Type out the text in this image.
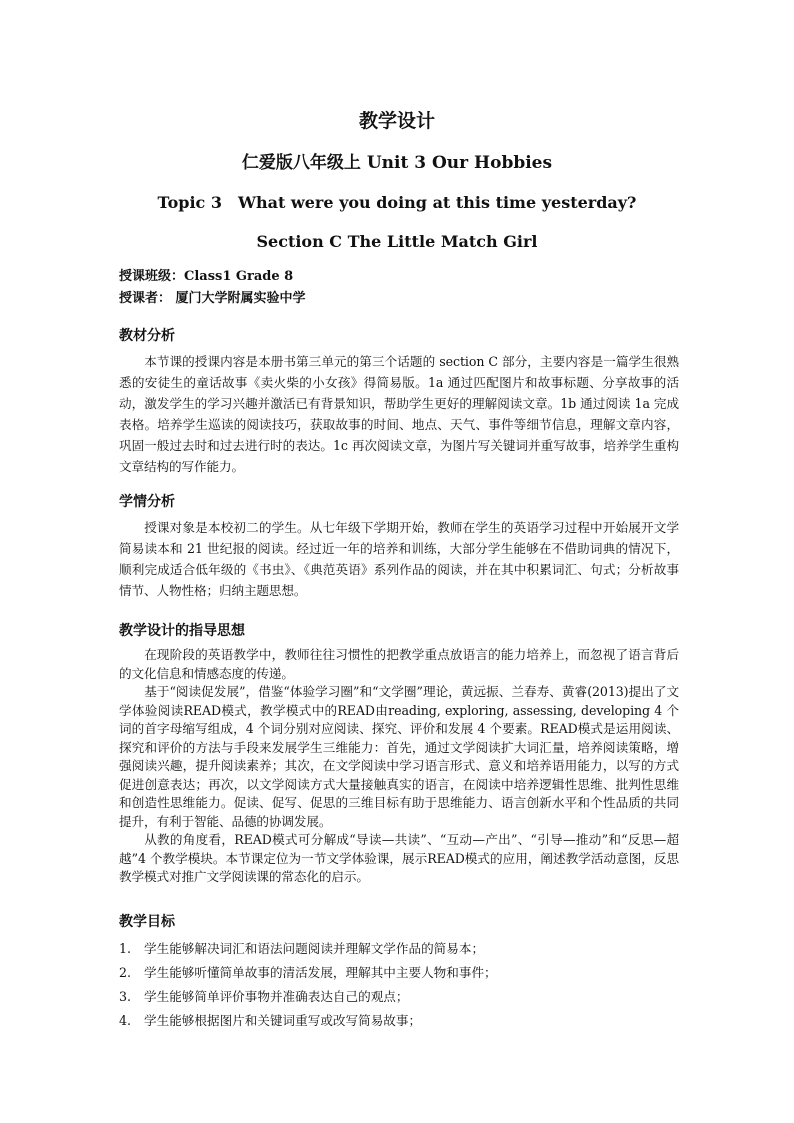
教学设计
仁爱版八年级上 Unit 3 Our Hobbies
Topic 3　What were you doing at this time yesterday?
Section C The Little Match Girl
授课班级：Class1 Grade 8
授课者： 厦门大学附属实验中学
教材分析

本节课的授课内容是本册书第三单元的第三个话题的 section C 部分，主要内容是一篇学生很熟悉的安徒生的童话故事《卖火柴的小女孩》得简易版。1a 通过匹配图片和故事标题、分享故事的活动，激发学生的学习兴趣并激活已有背景知识，帮助学生更好的理解阅读文章。1b 通过阅读 1a 完成表格。培养学生巡读的阅读技巧，获取故事的时间、地点、天气、事件等细节信息，理解文章内容，巩固一般过去时和过去进行时的表达。1c 再次阅读文章，为图片写关键词并重写故事，培养学生重构文章结构的写作能力。

学情分析

授课对象是本校初二的学生。从七年级下学期开始，教师在学生的英语学习过程中开始展开文学简易读本和 21 世纪报的阅读。经过近一年的培养和训练，大部分学生能够在不借助词典的情况下，顺利完成适合低年级的《书虫》、《典范英语》系列作品的阅读，并在其中积累词汇、句式；分析故事情节、人物性格；归纳主题思想。

教学设计的指导思想

在现阶段的英语教学中，教师往往习惯性的把教学重点放语言的能力培养上，而忽视了语言背后的文化信息和情感态度的传递。

基于“阅读促发展”，借鉴“体验学习圈”和“文学圈”理论，黄远振、兰春寿、黄睿(2013)提出了文学体验阅读READ模式，教学模式中的READ由reading, exploring, assessing, developing 4 个词的首字母缩写组成，4 个词分别对应阅读、探究、评价和发展 4 个要素。READ模式是运用阅读、探究和评价的方法与手段来发展学生三维能力：首先，通过文学阅读扩大词汇量，培养阅读策略，增强阅读兴趣，提升阅读素养；其次，在文学阅读中学习语言形式、意义和培养语用能力，以写的方式促进创意表达；再次，以文学阅读方式大量接触真实的语言，在阅读中培养逻辑性思维、批判性思维和创造性思维能力。促读、促写、促思的三维目标有助于思维能力、语言创新水平和个性品质的共同提升，有利于智能、品德的协调发展。

从教的角度看，READ模式可分解成“导读—共读”、“互动—产出”、“引导—推动”和“反思—超越”4 个教学模块。本节课定位为一节文学体验课，展示READ模式的应用，阐述教学活动意图，反思教学模式对推广文学阅读课的常态化的启示。

教学目标
1. 学生能够解决词汇和语法问题阅读并理解文学作品的简易本；
2. 学生能够听懂简单故事的清活发展，理解其中主要人物和事件；
3. 学生能够简单评价事物并准确表达自己的观点；
4. 学生能够根据图片和关键词重写或改写简易故事；
